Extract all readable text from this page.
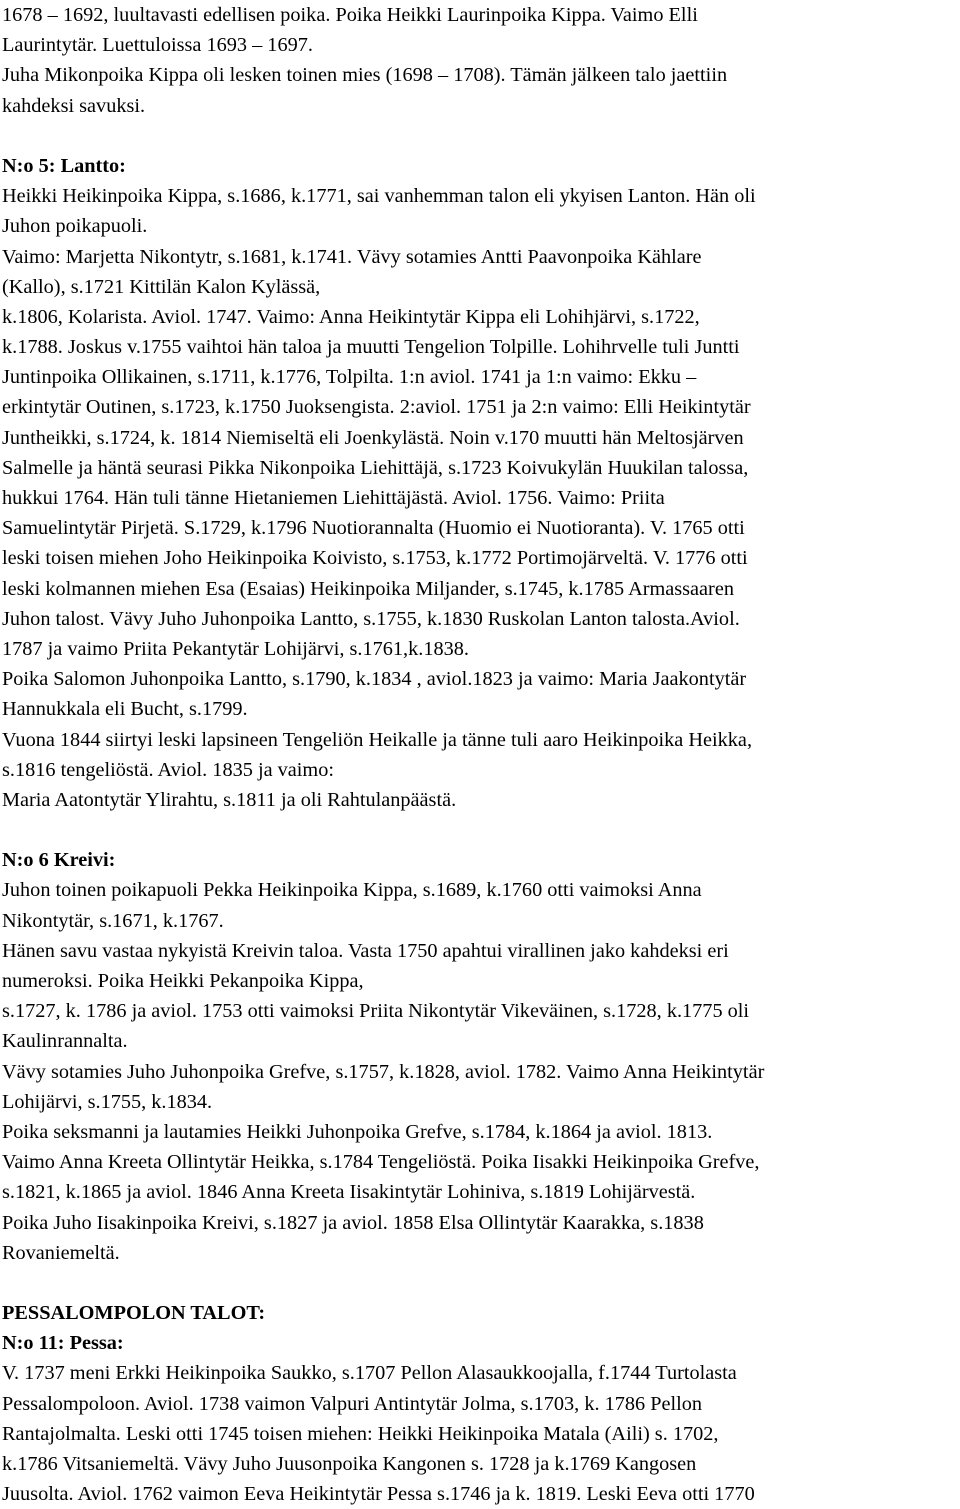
1678 – 1692, luultavasti edellisen poika. Poika Heikki Laurinpoika Kippa. Vaimo Elli
Laurintytär. Luettuloissa 1693 – 1697.
Juha Mikonpoika Kippa oli lesken toinen mies (1698 – 1708). Tämän jälkeen talo jaettiin
kahdeksi savuksi.
N:o 5: Lantto:
Heikki Heikinpoika Kippa, s.1686, k.1771, sai vanhemman talon eli ykyisen Lanton. Hän oli
Juhon poikapuoli.
Vaimo: Marjetta Nikontytr, s.1681, k.1741. Vävy sotamies Antti Paavonpoika Kählare
(Kallo), s.1721 Kittilän Kalon Kylässä,
k.1806, Kolarista. Aviol. 1747. Vaimo: Anna Heikintytär Kippa eli Lohihjärvi, s.1722,
k.1788. Joskus v.1755 vaihtoi hän taloa ja muutti Tengelion Tolpille. Lohihrvelle tuli Juntti
Juntinpoika Ollikainen, s.1711, k.1776, Tolpilta. 1:n aviol. 1741 ja 1:n vaimo: Ekku –
erkintytär Outinen, s.1723, k.1750 Juoksengista. 2:aviol. 1751 ja 2:n vaimo: Elli Heikintytär
Juntheikki, s.1724, k. 1814 Niemiseltä eli Joenkylästä. Noin v.170 muutti hän Meltosjärven
Salmelle ja häntä seurasi Pikka Nikonpoika Liehittäjä, s.1723 Koivukylän Huukilan talossa,
hukkui 1764. Hän tuli tänne Hietaniemen Liehittäjästä. Aviol. 1756. Vaimo: Priita
Samuelintytär Pirjetä. S.1729, k.1796 Nuotiorannalta (Huomio ei Nuotioranta). V. 1765 otti
leski toisen miehen Joho Heikinpoika Koivisto, s.1753, k.1772 Portimojärveltä. V. 1776 otti
leski kolmannen miehen Esa (Esaias) Heikinpoika Miljander, s.1745, k.1785 Armassaaren
Juhon talost. Vävy Juho Juhonpoika Lantto, s.1755, k.1830 Ruskolan Lanton talosta.Aviol.
1787 ja vaimo Priita Pekantytär Lohijärvi, s.1761,k.1838.
Poika Salomon Juhonpoika Lantto, s.1790, k.1834 , aviol.1823 ja vaimo: Maria Jaakontytär
Hannukkala eli Bucht, s.1799.
Vuona 1844 siirtyi leski lapsineen Tengeliön Heikalle ja tänne tuli aaro Heikinpoika Heikka,
s.1816 tengeliöstä. Aviol. 1835 ja vaimo:
Maria Aatontytär Ylirahtu, s.1811 ja oli Rahtulanpäästä.
N:o 6 Kreivi:
Juhon toinen poikapuoli Pekka Heikinpoika Kippa, s.1689, k.1760 otti vaimoksi Anna
Nikontytär, s.1671, k.1767.
Hänen savu vastaa nykyistä Kreivin taloa. Vasta 1750 apahtui virallinen jako kahdeksi eri
numeroksi. Poika Heikki Pekanpoika Kippa,
s.1727, k. 1786 ja aviol. 1753 otti vaimoksi Priita Nikontytär Vikeväinen, s.1728, k.1775 oli
Kaulinrannalta.
Vävy sotamies Juho Juhonpoika Grefve, s.1757, k.1828, aviol. 1782. Vaimo Anna Heikintytär
Lohijärvi, s.1755, k.1834.
Poika seksmanni ja lautamies Heikki Juhonpoika Grefve, s.1784, k.1864 ja aviol. 1813.
Vaimo Anna Kreeta Ollintytär Heikka, s.1784 Tengeliöstä. Poika Iisakki Heikinpoika Grefve,
s.1821, k.1865 ja aviol. 1846 Anna Kreeta Iisakintytär Lohiniva, s.1819 Lohijärvestä.
Poika Juho Iisakinpoika Kreivi, s.1827 ja aviol. 1858 Elsa Ollintytär Kaarakka, s.1838
Rovaniemeltä.
PESSALOMPOLON TALOT:
N:o 11: Pessa:
V. 1737 meni Erkki Heikinpoika Saukko, s.1707 Pellon Alasaukkoojalla, f.1744 Turtolasta
Pessalompoloon. Aviol. 1738 vaimon Valpuri Antintytär Jolma, s.1703, k. 1786 Pellon
Rantajolmalta. Leski otti 1745 toisen miehen: Heikki Heikinpoika Matala (Aili) s. 1702,
k.1786 Vitsaniemeltä. Vävy Juho Juusonpoika Kangonen s. 1728 ja k.1769 Kangosen
Juusolta. Aviol. 1762 vaimon Eeva Heikintytär Pessa s.1746 ja k. 1819. Leski Eeva otti 1770
